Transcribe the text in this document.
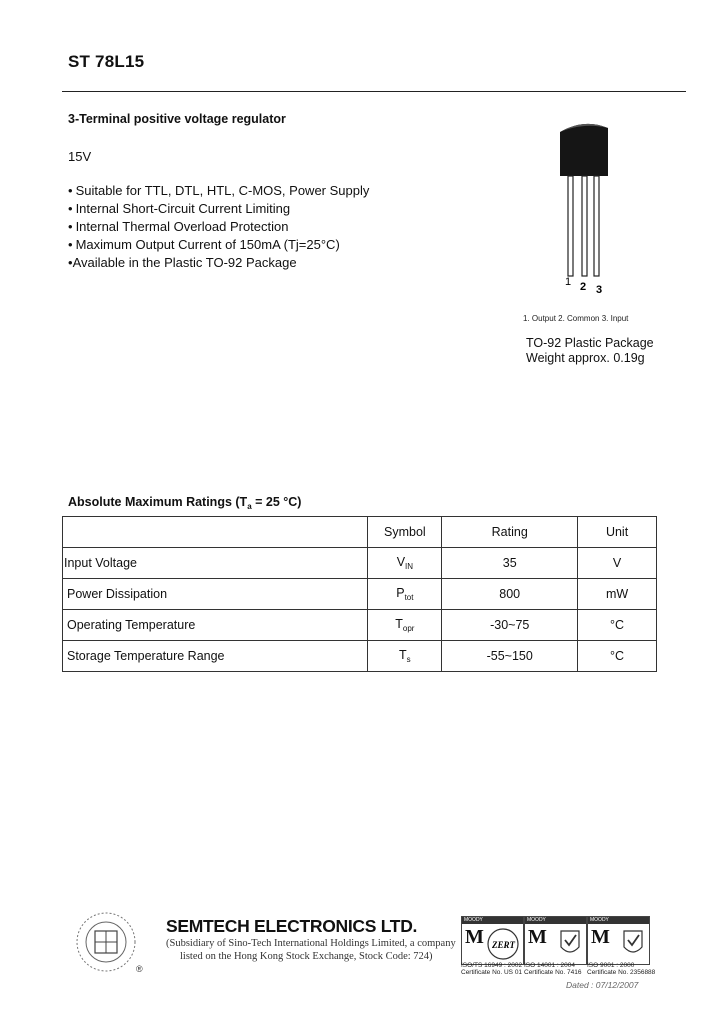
ST 78L15
3-Terminal positive voltage regulator
15V
• Suitable for TTL, DTL, HTL, C-MOS, Power Supply
• Internal Short-Circuit Current Limiting
• Internal Thermal Overload Protection
• Maximum Output Current of 150mA (Tj=25°C)
•Available in the Plastic TO-92 Package
1 2 3
1. Output 2. Common 3. Input
TO-92 Plastic Package
Weight approx. 0.19g
Absolute Maximum Ratings ($T_a = 25$ °C)
	Symbol	Rating	Unit
Input Voltage	$V_{IN}$	35	V
Power Dissipation	$P_{tot}$	800	mW
Operating Temperature	$T_{opr}$	-30~75	°C
Storage Temperature Range	$T_s$	-55~150	°C
®
SEMTECH ELECTRONICS LTD.
(Subsidiary of Sino-Tech International Holdings Limited, a company
listed on the Hong Kong Stock Exchange, Stock Code: 724)
MOODY
M ZERT
ISO/TS 16949 : 2002
Certificate No. US 01
MOODY
M
ISO 14001 : 2004
Certificate No. 7416
MOODY
M
ISO 9001 : 2000
Certificate No. 2356888
Dated : 07/12/2007
